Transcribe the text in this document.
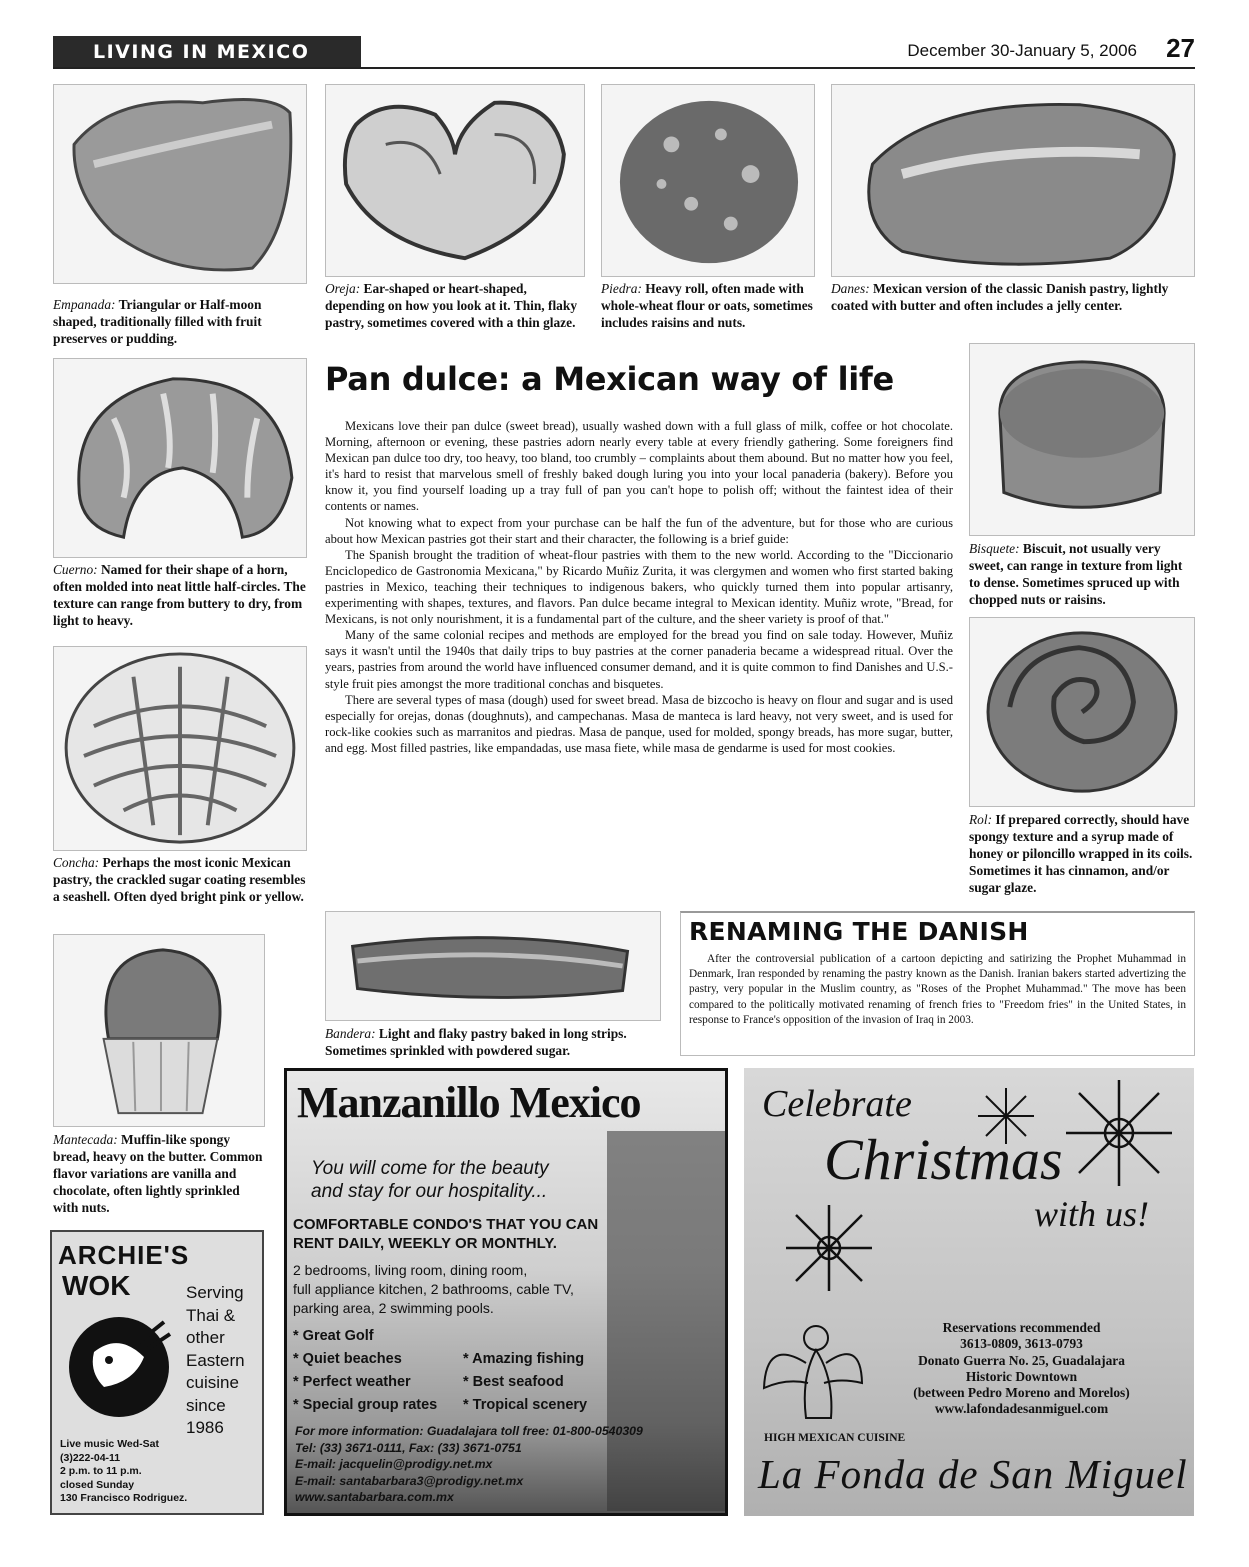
LIVING IN MEXICO	December 30-January 5, 2006 27
Empanada: Triangular or Half-moon shaped, traditionally filled with fruit preserves or pudding.
Oreja: Ear-shaped or heart-shaped, depending on how you look at it. Thin, flaky pastry, sometimes covered with a thin glaze.
Piedra: Heavy roll, often made with whole-wheat flour or oats, sometimes includes raisins and nuts.
Danes: Mexican version of the classic Danish pastry, lightly coated with butter and often includes a jelly center.
Cuerno: Named for their shape of a horn, often molded into neat little half-circles. The texture can range from buttery to dry, from light to heavy.
Concha: Perhaps the most iconic Mexican pastry, the crackled sugar coating resembles a seashell. Often dyed bright pink or yellow.
Mantecada: Muffin-like spongy bread, heavy on the butter. Common flavor variations are vanilla and chocolate, often lightly sprinkled with nuts.
Bisquete: Biscuit, not usually very sweet, can range in texture from light to dense. Sometimes spruced up with chopped nuts or raisins.
Rol: If prepared correctly, should have spongy texture and a syrup made of honey or piloncillo wrapped in its coils. Sometimes it has cinnamon, and/or sugar glaze.
Pan dulce: a Mexican way of life

Mexicans love their pan dulce (sweet bread), usually washed down with a full glass of milk, coffee or hot chocolate. Morning, afternoon or evening, these pastries adorn nearly every table at every friendly gathering. Some foreigners find Mexican pan dulce too dry, too heavy, too bland, too crumbly – complaints about them abound. But no matter how you feel, it's hard to resist that marvelous smell of freshly baked dough luring you into your local panaderia (bakery). Before you know it, you find yourself loading up a tray full of pan you can't hope to polish off; without the faintest idea of their contents or names.

Not knowing what to expect from your purchase can be half the fun of the adventure, but for those who are curious about how Mexican pastries got their start and their character, the following is a brief guide:

The Spanish brought the tradition of wheat-flour pastries with them to the new world. According to the "Diccionario Enciclopedico de Gastronomia Mexicana," by Ricardo Muñiz Zurita, it was clergymen and women who first started baking pastries in Mexico, teaching their techniques to indigenous bakers, who quickly turned them into popular artisanry, experimenting with shapes, textures, and flavors. Pan dulce became integral to Mexican identity. Muñiz wrote, "Bread, for Mexicans, is not only nourishment, it is a fundamental part of the culture, and the sheer variety is proof of that."

Many of the same colonial recipes and methods are employed for the bread you find on sale today. However, Muñiz says it wasn't until the 1940s that daily trips to buy pastries at the corner panaderia became a widespread ritual. Over the years, pastries from around the world have influenced consumer demand, and it is quite common to find Danishes and U.S.-style fruit pies amongst the more traditional conchas and bisquetes.

There are several types of masa (dough) used for sweet bread. Masa de bizcocho is heavy on flour and sugar and is used especially for orejas, donas (doughnuts), and campechanas. Masa de manteca is lard heavy, not very sweet, and is used for rock-like cookies such as marranitos and piedras. Masa de panque, used for molded, spongy breads, has more sugar, butter, and egg. Most filled pastries, like empandadas, use masa fiete, while masa de gendarme is used for most cookies.

Bandera: Light and flaky pastry baked in long strips. Sometimes sprinkled with powdered sugar.
RENAMING THE DANISH

After the controversial publication of a cartoon depicting and satirizing the Prophet Muhammad in Denmark, Iran responded by renaming the pastry known as the Danish. Iranian bakers started advertizing the pastry, very popular in the Muslim country, as "Roses of the Prophet Muhammad." The move has been compared to the politically motivated renaming of french fries to "Freedom fries" in the United States, in response to France's opposition of the invasion of Iraq in 2003.

ARCHIE'S
WOK	Serving
Thai &
other
Eastern
cuisine
since
1986
Live music Wed-Sat
(3)222-04-11
2 p.m. to 11 p.m.
closed Sunday
130 Francisco Rodriguez.
Manzanillo Mexico
You will come for the beauty
and stay for our hospitality...
COMFORTABLE CONDO'S THAT YOU CAN
RENT DAILY, WEEKLY OR MONTHLY.
2 bedrooms, living room, dining room,
full appliance kitchen, 2 bathrooms, cable TV,
parking area, 2 swimming pools.
* Great Golf
* Quiet beaches
* Perfect weather
* Special group rates
* Amazing fishing
* Best seafood
* Tropical scenery
For more information: Guadalajara toll free: 01-800-0540309
Tel: (33) 3671-0111, Fax: (33) 3671-0751
E-mail: jacquelin@prodigy.net.mx
E-mail: santabarbara3@prodigy.net.mx
www.santabarbara.com.mx
Celebrate
Christmas
with us!
Reservations recommended
3613-0809, 3613-0793
Donato Guerra No. 25, Guadalajara
Historic Downtown
(between Pedro Moreno and Morelos)
www.lafondadesanmiguel.com
HIGH MEXICAN CUISINE
La Fonda de San Miguel
